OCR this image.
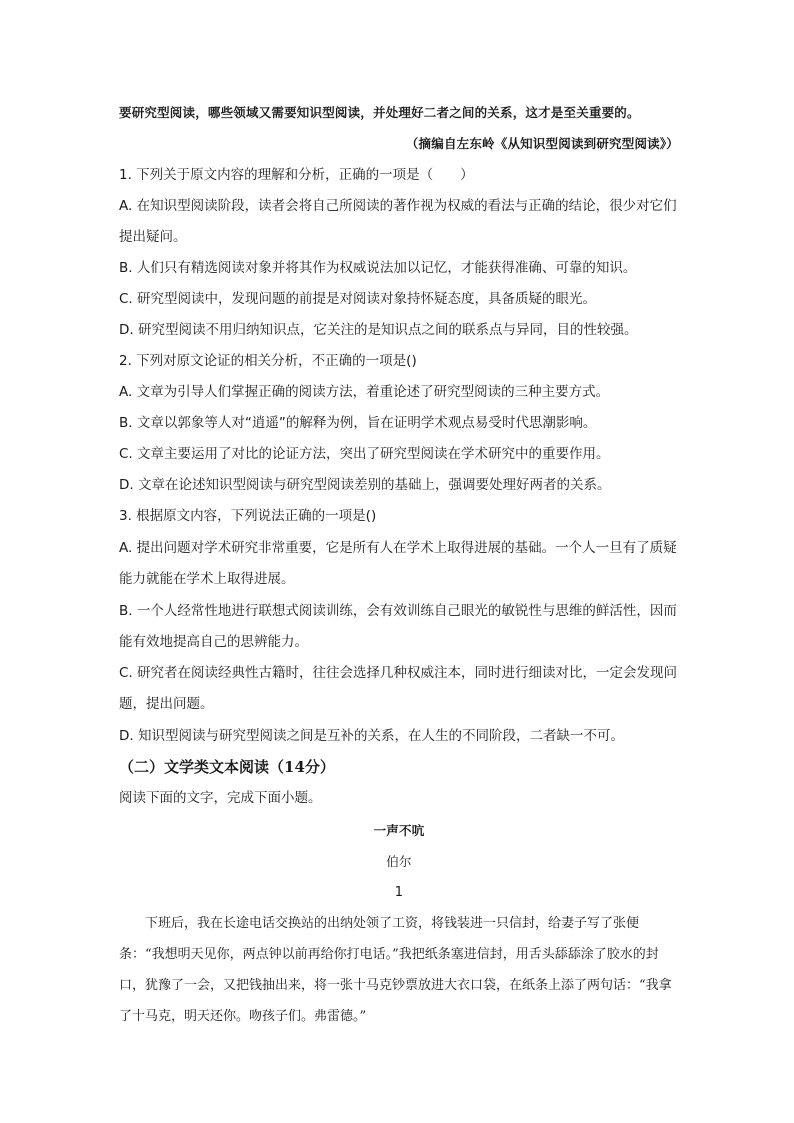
要研究型阅读，哪些领域又需要知识型阅读，并处理好二者之间的关系，这才是至关重要的。

（摘编自左东岭《从知识型阅读到研究型阅读》）

1. 下列关于原文内容的理解和分析，正确的一项是（　　）

A. 在知识型阅读阶段，读者会将自己所阅读的著作视为权威的看法与正确的结论，很少对它们提出疑问。

B. 人们只有精选阅读对象并将其作为权威说法加以记忆，才能获得准确、可靠的知识。

C. 研究型阅读中，发现问题的前提是对阅读对象持怀疑态度，具备质疑的眼光。

D. 研究型阅读不用归纳知识点，它关注的是知识点之间的联系点与异同，目的性较强。

2. 下列对原文论证的相关分析，不正确的一项是()

A. 文章为引导人们掌握正确的阅读方法，着重论述了研究型阅读的三种主要方式。

B. 文章以郭象等人对“逍遥”的解释为例，旨在证明学术观点易受时代思潮影响。

C. 文章主要运用了对比的论证方法，突出了研究型阅读在学术研究中的重要作用。

D. 文章在论述知识型阅读与研究型阅读差别的基础上，强调要处理好两者的关系。

3. 根据原文内容，下列说法正确的一项是()

A. 提出问题对学术研究非常重要，它是所有人在学术上取得进展的基础。一个人一旦有了质疑能力就能在学术上取得进展。

B. 一个人经常性地进行联想式阅读训练，会有效训练自己眼光的敏锐性与思维的鲜活性，因而能有效地提高自己的思辨能力。

C. 研究者在阅读经典性古籍时，往往会选择几种权威注本，同时进行细读对比，一定会发现问题，提出问题。

D. 知识型阅读与研究型阅读之间是互补的关系，在人生的不同阶段，二者缺一不可。

（二）文学类文本阅读（14分）

阅读下面的文字，完成下面小题。

一声不吭

伯尔

1

下班后，我在长途电话交换站的出纳处领了工资，将钱装进一只信封，给妻子写了张便条：“我想明天见你，两点钟以前再给你打电话。”我把纸条塞进信封，用舌头舔舔涂了胶水的封口，犹豫了一会，又把钱抽出来，将一张十马克钞票放进大衣口袋，在纸条上添了两句话：“我拿了十马克，明天还你。吻孩子们。弗雷德。”
